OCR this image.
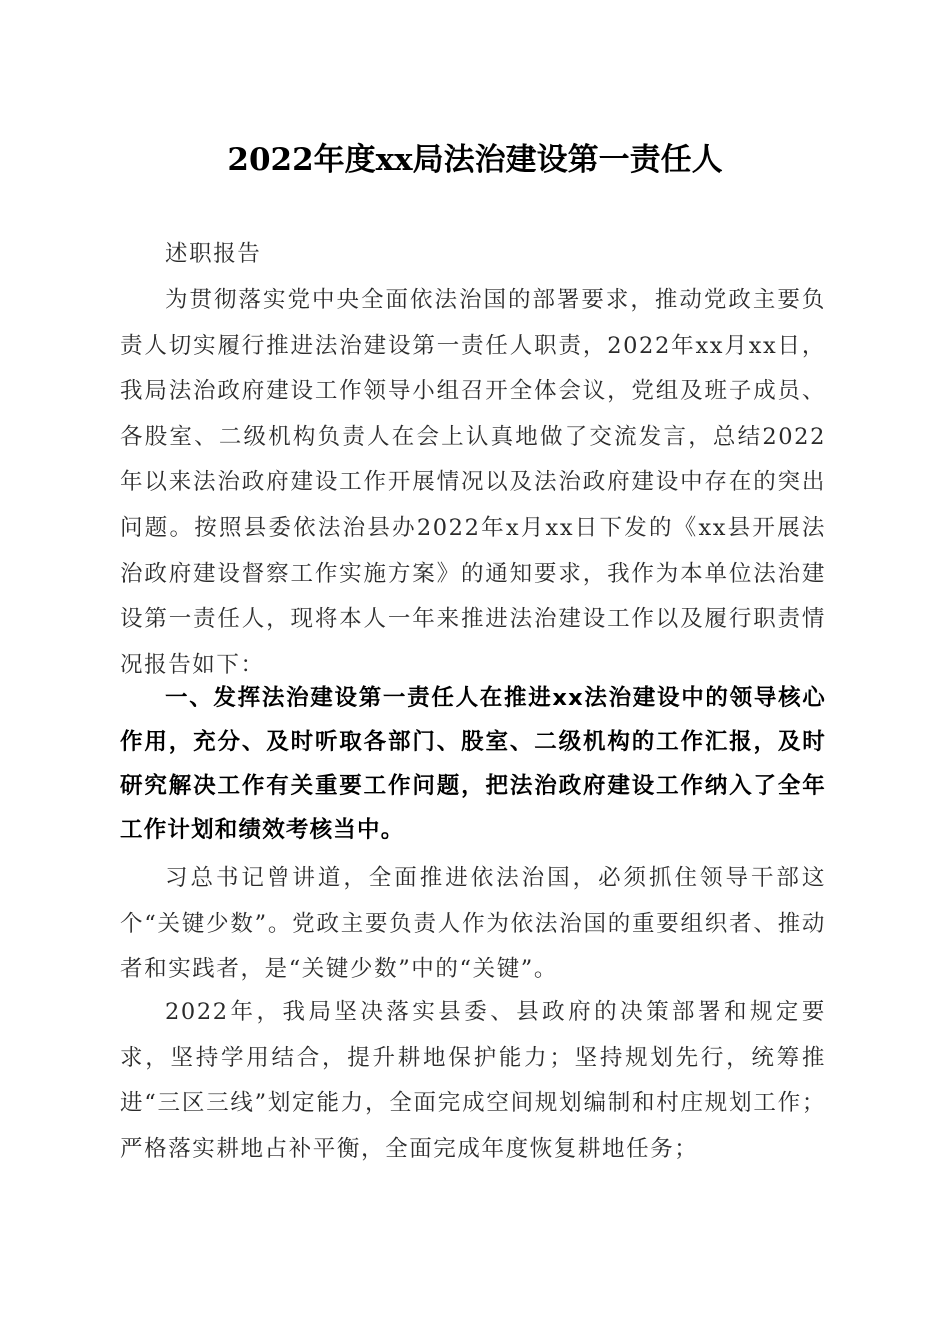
2022年度xx局法治建设第一责任人

述职报告

为贯彻落实党中央全面依法治国的部署要求，推动党政主要负责人切实履行推进法治建设第一责任人职责，2022年xx月xx日，我局法治政府建设工作领导小组召开全体会议，党组及班子成员、各股室、二级机构负责人在会上认真地做了交流发言，总结2022年以来法治政府建设工作开展情况以及法治政府建设中存在的突出问题。按照县委依法治县办2022年x月xx日下发的《xx县开展法治政府建设督察工作实施方案》的通知要求，我作为本单位法治建设第一责任人，现将本人一年来推进法治建设工作以及履行职责情况报告如下：

一、发挥法治建设第一责任人在推进xx法治建设中的领导核心作用，充分、及时听取各部门、股室、二级机构的工作汇报，及时研究解决工作有关重要工作问题，把法治政府建设工作纳入了全年工作计划和绩效考核当中。

习总书记曾讲道，全面推进依法治国，必须抓住领导干部这个“关键少数”。党政主要负责人作为依法治国的重要组织者、推动者和实践者，是“关键少数”中的“关键”。

2022年，我局坚决落实县委、县政府的决策部署和规定要求，坚持学用结合，提升耕地保护能力；坚持规划先行，统筹推进“三区三线”划定能力，全面完成空间规划编制和村庄规划工作；严格落实耕地占补平衡，全面完成年度恢复耕地任务；
